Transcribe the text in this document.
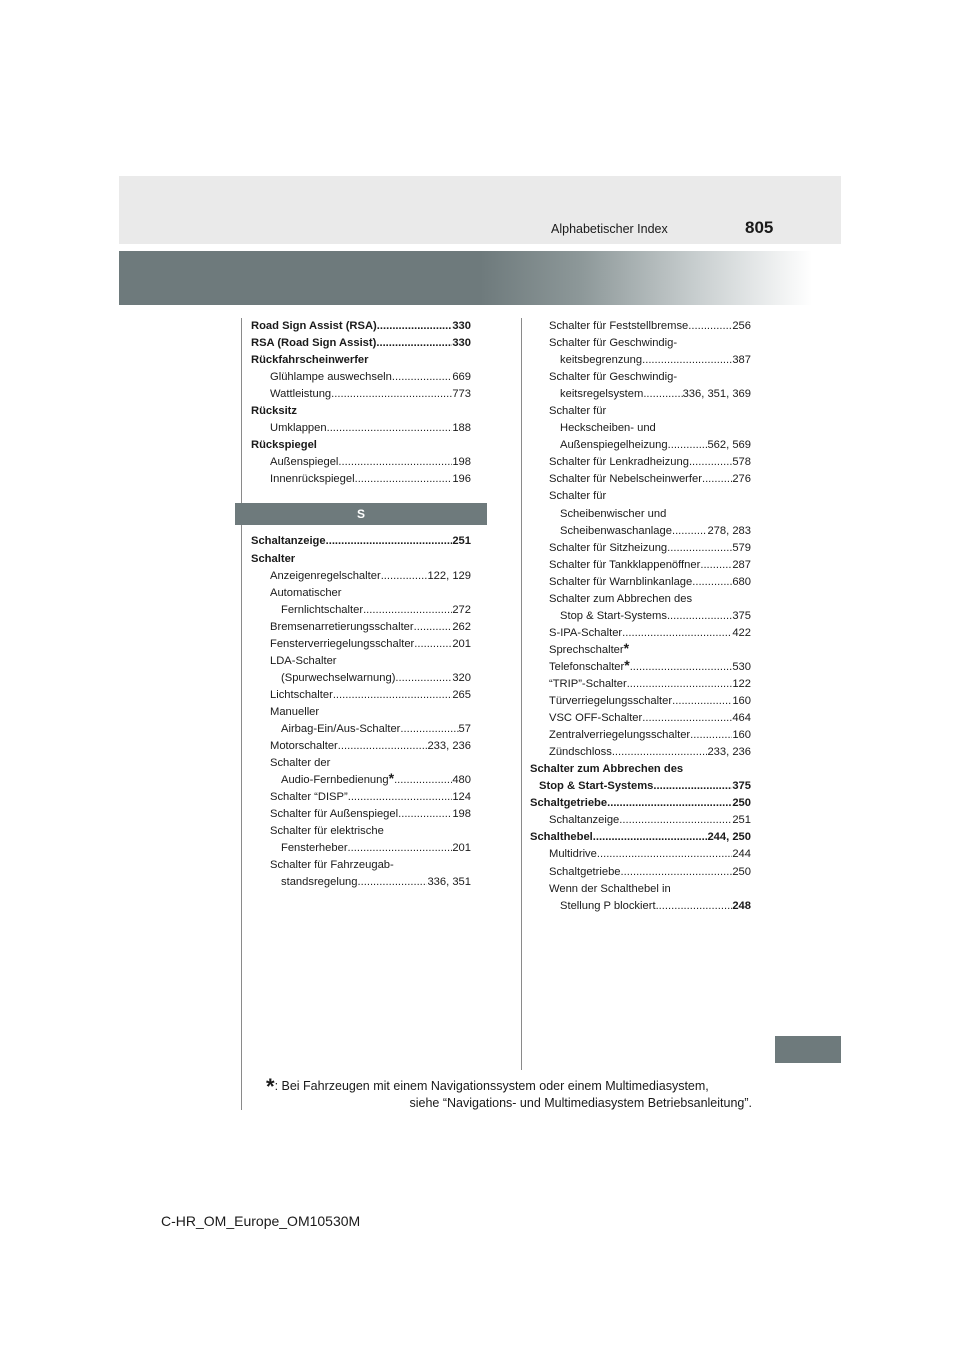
Alphabetischer Index	805
Road Sign Assist (RSA) .....	330
RSA (Road Sign Assist) .....	330
Rückfahrscheinwerfer
Glühlampe auswechseln .....	669
Wattleistung .....	773
Rücksitz
Umklappen .....	188
Rückspiegel
Außenspiegel .....	198
Innenrückspiegel .....	196
S
Schaltanzeige .....	251
Schalter
Anzeigenregelschalter .....	122, 129
Automatischer
Fernlichtschalter .....	272
Bremsenarretierungsschalter .....	262
Fensterverriegelungsschalter .....	201
LDA-Schalter
(Spurwechselwarnung) .....	320
Lichtschalter .....	265
Manueller
Airbag-Ein/Aus-Schalter .....	57
Motorschalter .....	233, 236
Schalter der
Audio-Fernbedienung * .....	480
Schalter “DISP” .....	124
Schalter für Außenspiegel .....	198
Schalter für elektrische
Fensterheber .....	201
Schalter für Fahrzeugab-
standsregelung .....	336, 351
Schalter für Feststellbremse .....	256
Schalter für Geschwindig-
keitsbegrenzung .....	387
Schalter für Geschwindig-
keitsregelsystem .....	336, 351, 369
Schalter für
Heckscheiben- und
Außenspiegelheizung .....	562, 569
Schalter für Lenkradheizung .....	578
Schalter für Nebelscheinwerfer .....	276
Schalter für
Scheibenwischer und
Scheibenwaschanlage .....	278, 283
Schalter für Sitzheizung .....	579
Schalter für Tankklappenöffner .....	287
Schalter für Warnblinkanlage .....	680
Schalter zum Abbrechen des
Stop & Start-Systems .....	375
S-IPA-Schalter .....	422
Sprechschalter *
Telefonschalter * .....	530
“TRIP”-Schalter .....	122
Türverriegelungsschalter .....	160
VSC OFF-Schalter .....	464
Zentralverriegelungsschalter .....	160
Zündschloss .....	233, 236
Schalter zum Abbrechen des
Stop & Start-Systems .....	375
Schaltgetriebe .....	250
Schaltanzeige .....	251
Schalthebel .....	244, 250
Multidrive .....	244
Schaltgetriebe .....	250
Wenn der Schalthebel in
Stellung P blockiert .....	248
*: Bei Fahrzeugen mit einem Navigationssystem oder einem Multimediasystem,
siehe “Navigations- und Multimediasystem Betriebsanleitung”.
C-HR_OM_Europe_OM10530M
